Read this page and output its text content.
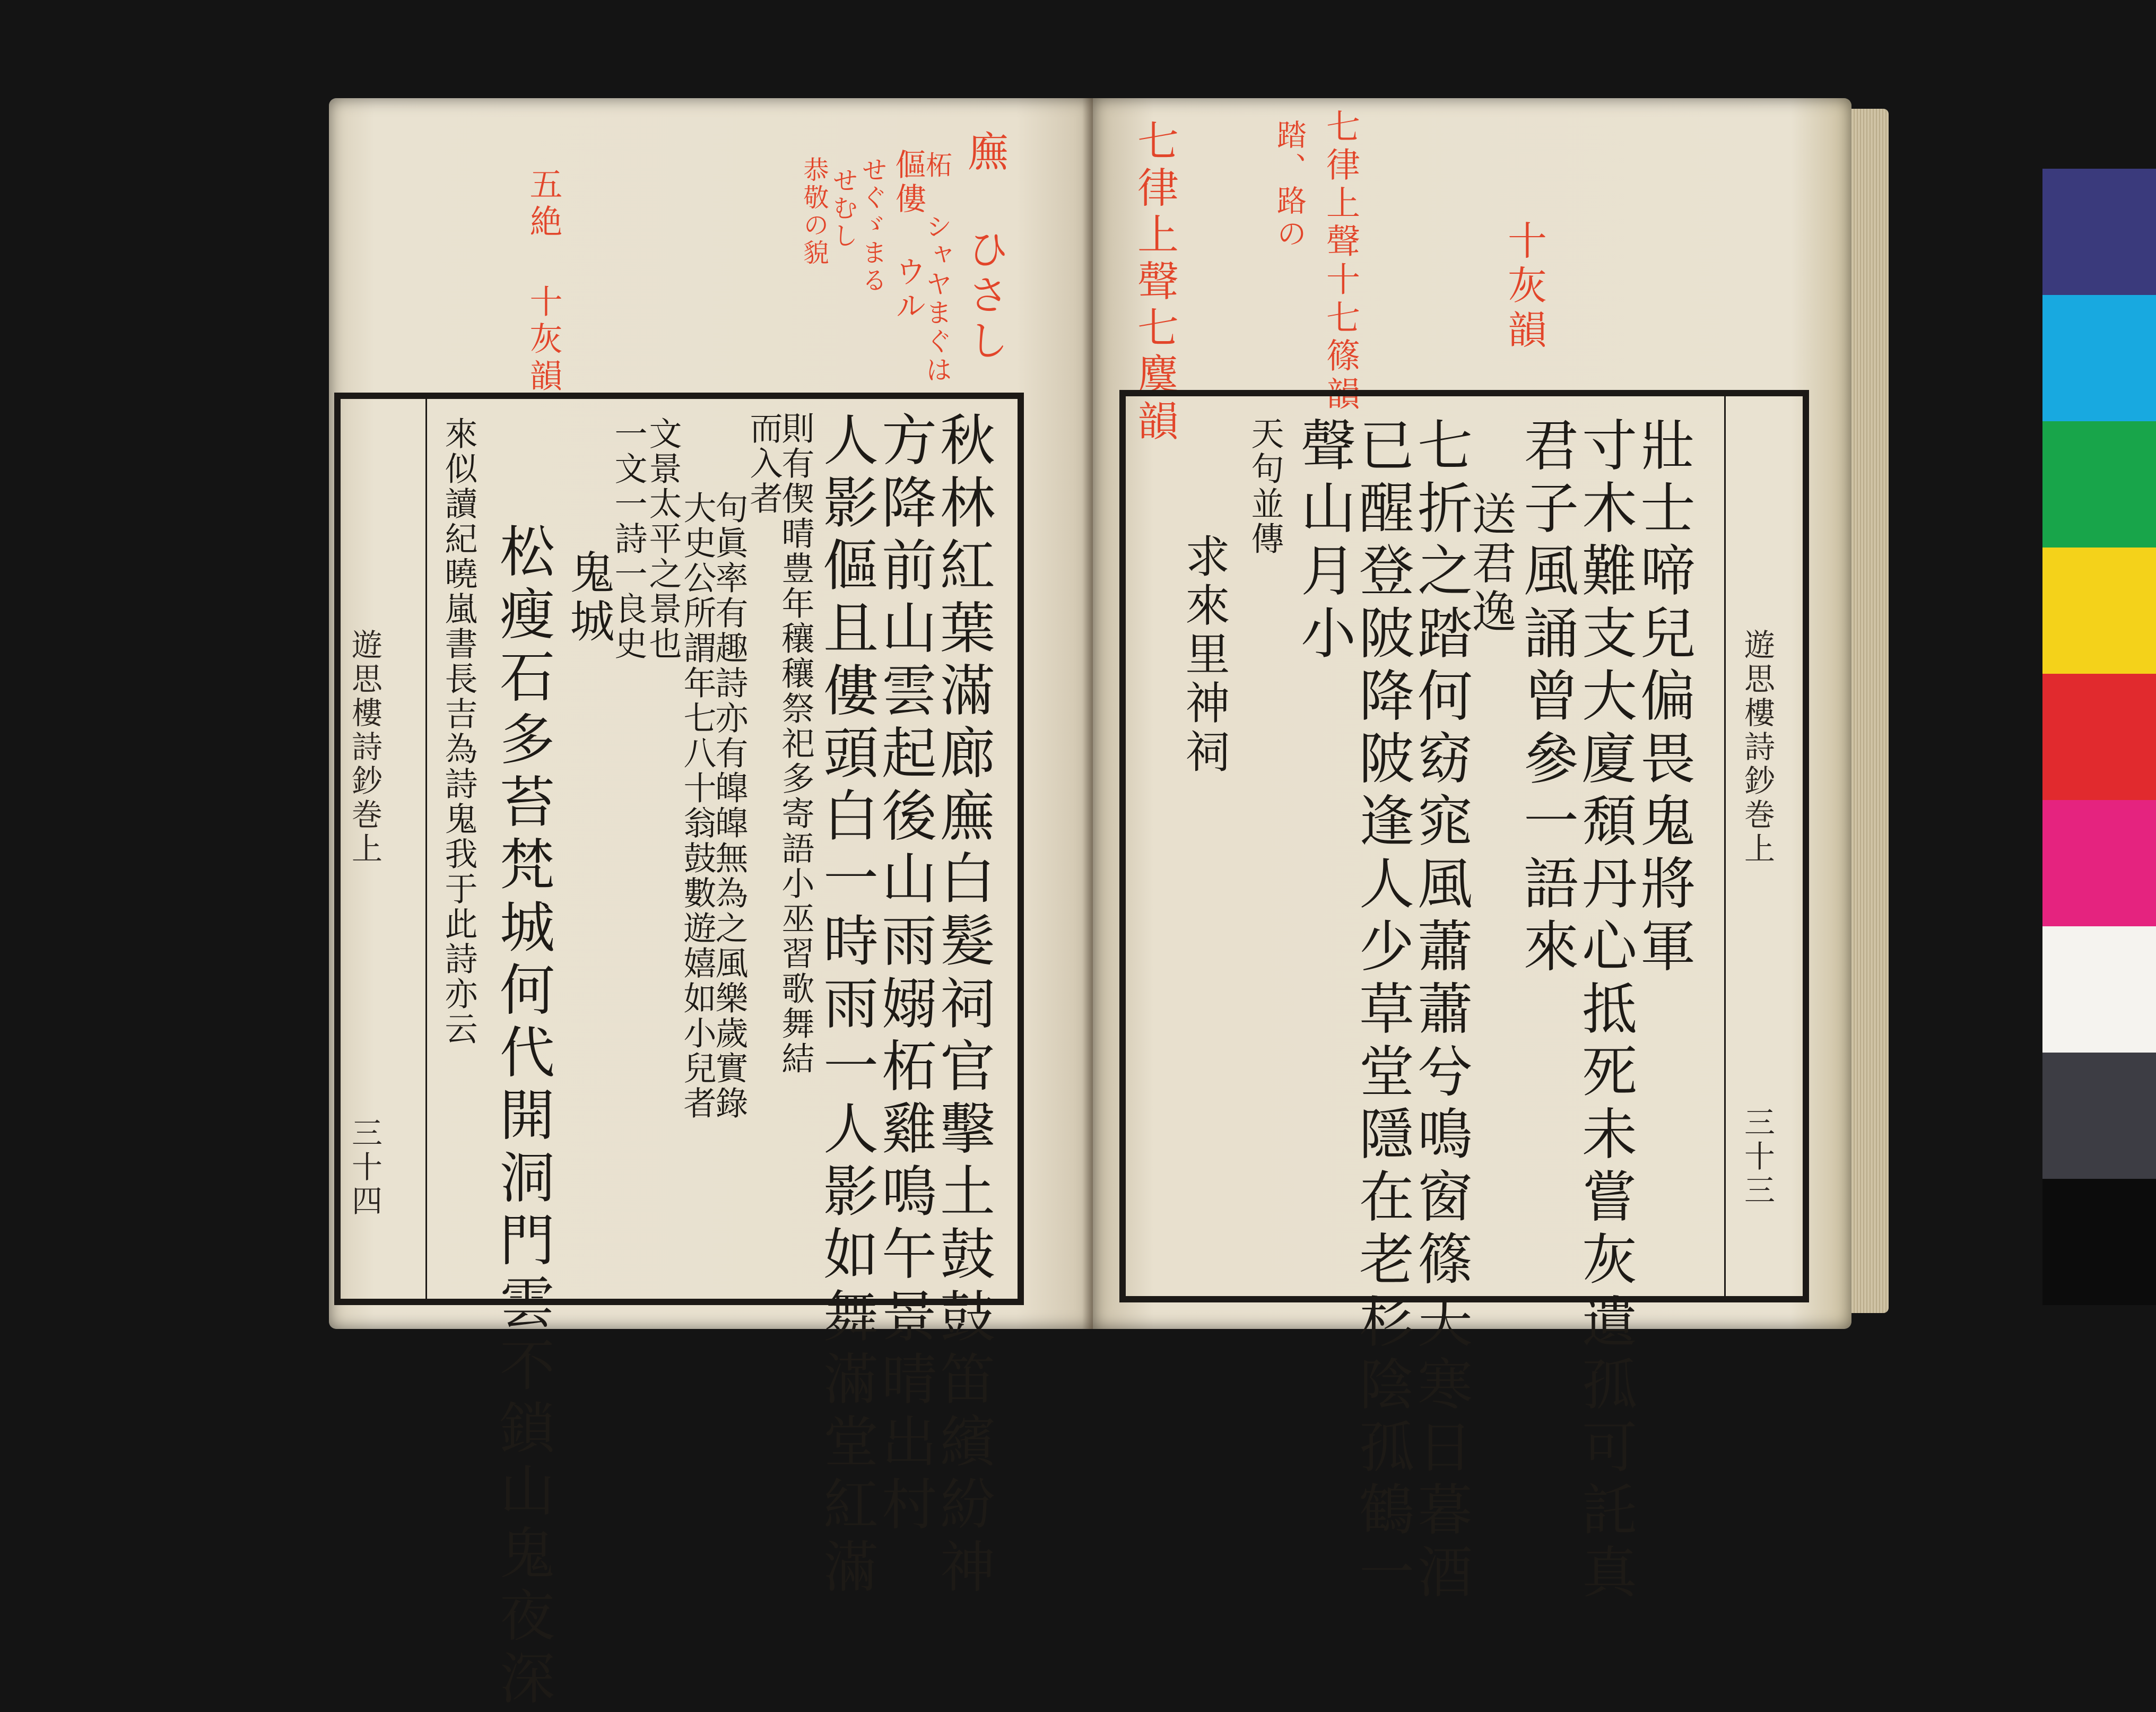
廡 ひさし
柘 シャヤまぐは
傴僂 ウル
せぐゞまる
せむし
恭敬の貌
五絶 十灰韻
秋林紅葉滿廊廡白髮祠官擊土鼓鼓笛繽紛神
方降前山雲起後山雨嫋柘雞鳴午景晴出村
人影傴且僂頭白一時雨一人影如舞滿堂紅滿
則有偰晴豊年穰穰祭祀多寄語小巫習歌舞結
而入者
句眞率有趣詩亦有皥皥無為之風樂歲實錄
大史公所謂年七八十翁鼓數遊嬉如小兒者
文景太平之景也
一文一詩一良史
鬼城
松瘦石多苔梵城何代開洞門雲不鎖山鬼夜深
來似讀紀曉嵐書長吉為詩鬼我于此詩亦云
遊思樓詩鈔巻上
三十四
七律上聲七麌韻	七律上聲十七篠韻
踏、路の
十灰韻
壯士啼兒偏畏鬼將軍
寸木難支大廈頹丹心抵死未嘗灰遺孤可託真
君子風誦曾參一語來
送君逸
七折之踏何窈窕風蕭蕭兮鳴窗篠天寒日暮酒
已醒登陂降陂逢人少草堂隱在老杉陰孤鶴一
聲山月小
天句並傳
求來里神祠	遊思樓詩鈔巻上
三十三
